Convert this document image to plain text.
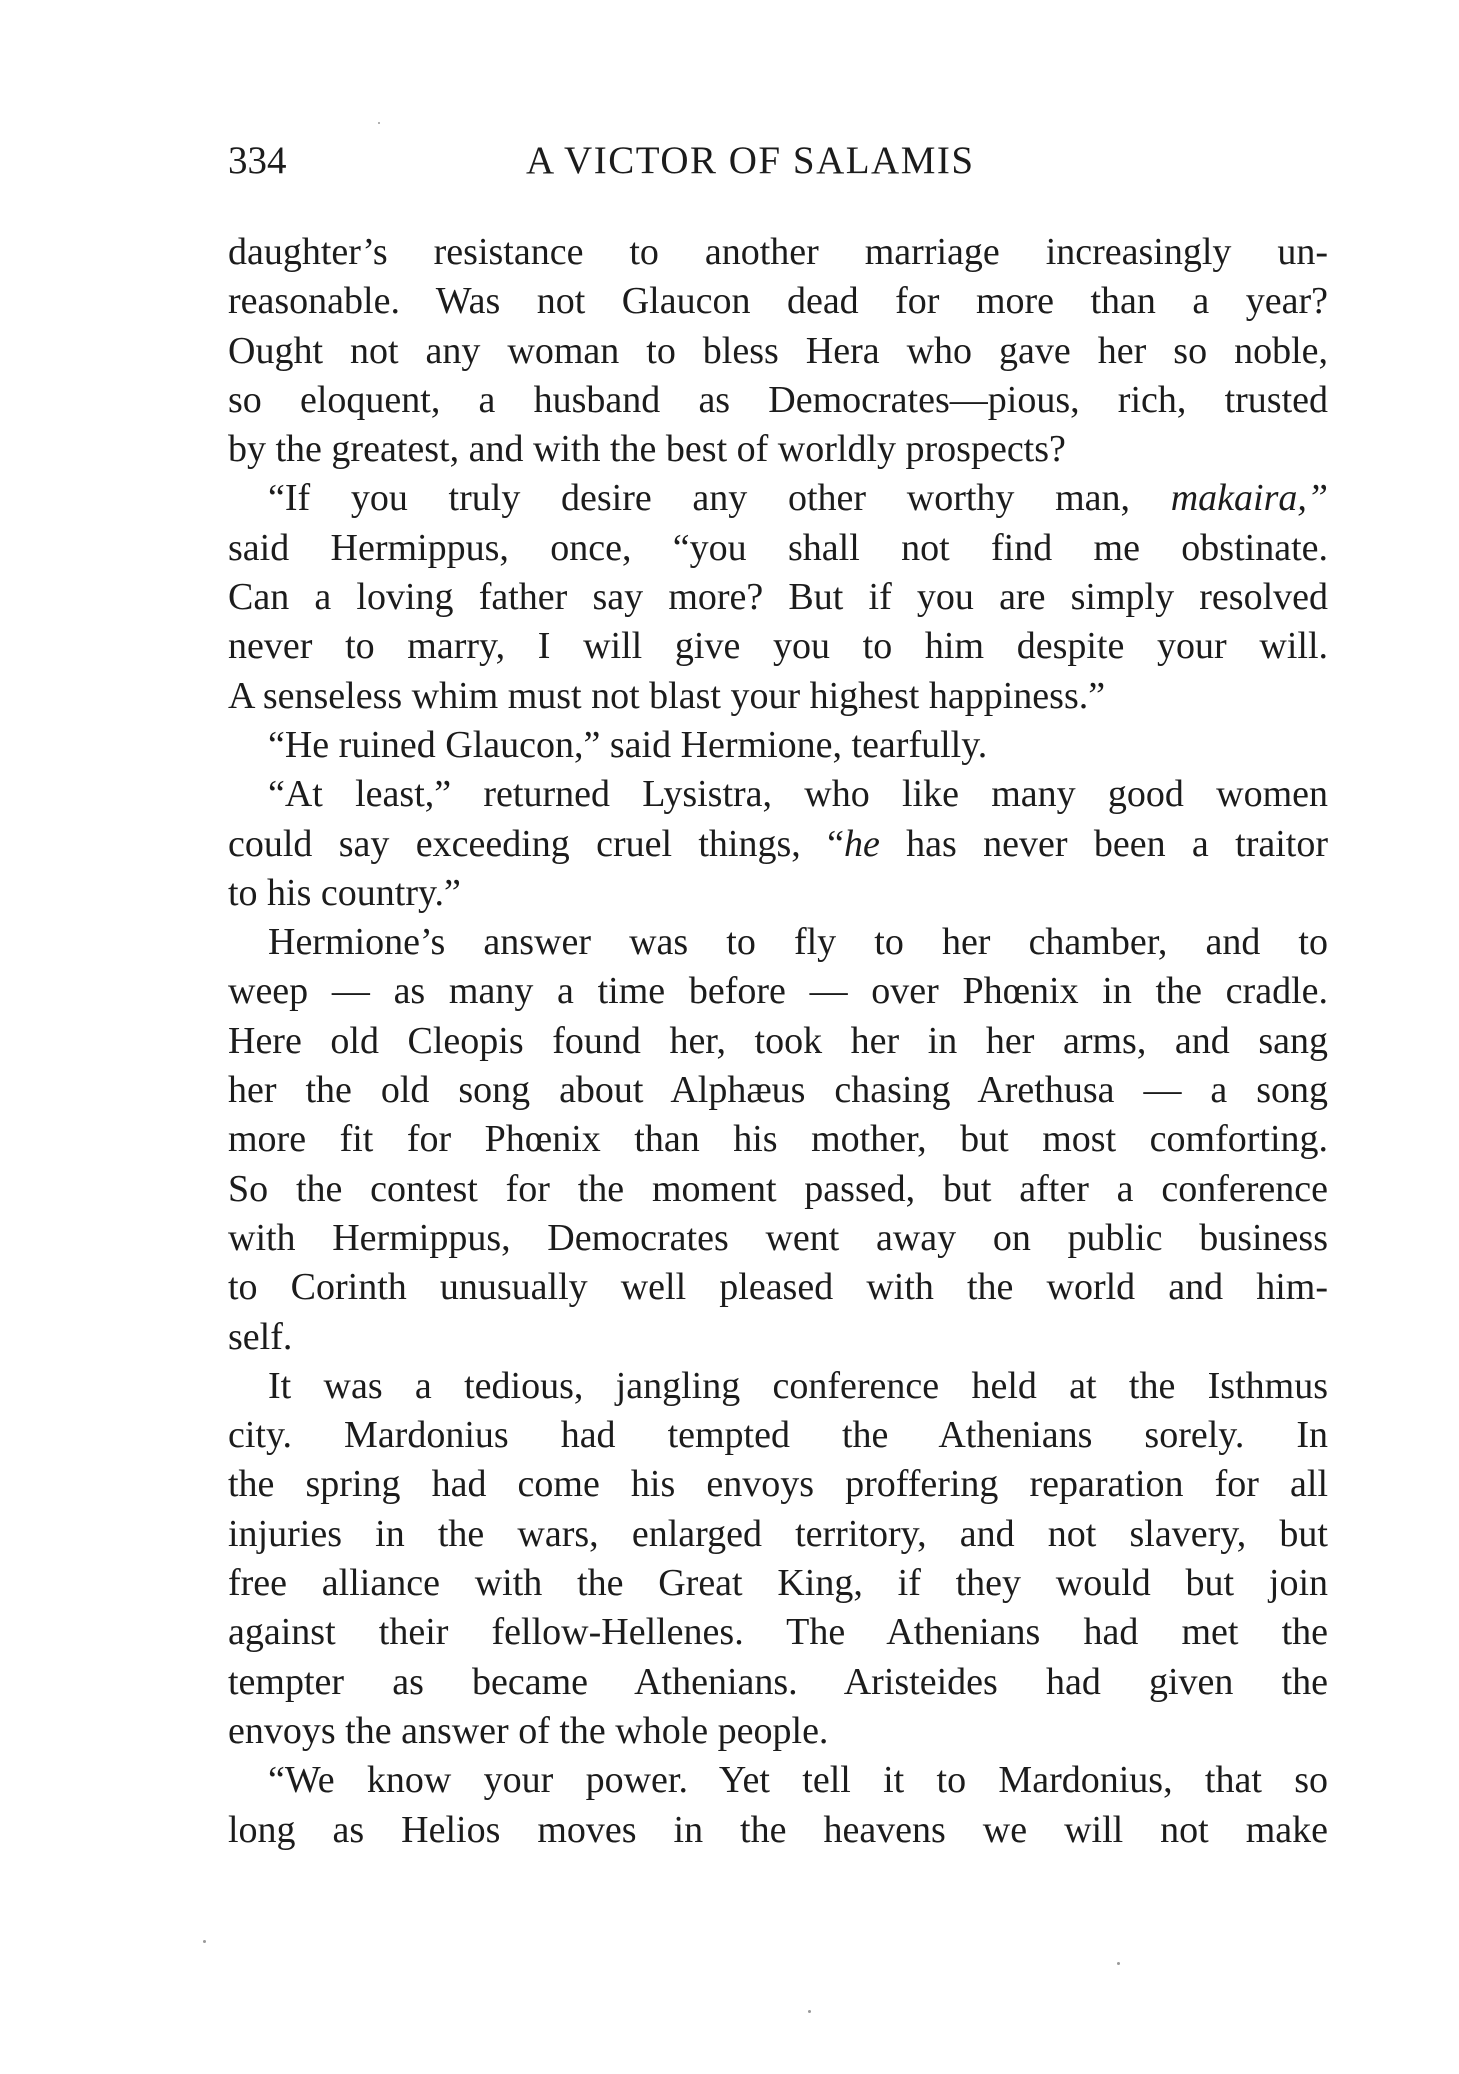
334	A VICTOR OF SALAMIS
daughter’s resistance to another marriage increasingly un-
reasonable. Was not Glaucon dead for more than a year?
Ought not any woman to bless Hera who gave her so noble,
so eloquent, a husband as Democrates—pious, rich, trusted
by the greatest, and with the best of worldly prospects?
“If you truly desire any other worthy man, makaira,”
said Hermippus, once, “you shall not find me obstinate.
Can a loving father say more? But if you are simply resolved
never to marry, I will give you to him despite your will.
A senseless whim must not blast your highest happiness.”
“He ruined Glaucon,” said Hermione, tearfully.
“At least,” returned Lysistra, who like many good women
could say exceeding cruel things, “he has never been a traitor
to his country.”
Hermione’s answer was to fly to her chamber, and to
weep — as many a time before — over Phœnix in the cradle.
Here old Cleopis found her, took her in her arms, and sang
her the old song about Alphæus chasing Arethusa — a song
more fit for Phœnix than his mother, but most comforting.
So the contest for the moment passed, but after a conference
with Hermippus, Democrates went away on public business
to Corinth unusually well pleased with the world and him-
self.
It was a tedious, jangling conference held at the Isthmus
city. Mardonius had tempted the Athenians sorely. In
the spring had come his envoys proffering reparation for all
injuries in the wars, enlarged territory, and not slavery, but
free alliance with the Great King, if they would but join
against their fellow-Hellenes. The Athenians had met the
tempter as became Athenians. Aristeides had given the
envoys the answer of the whole people.
“We know your power. Yet tell it to Mardonius, that so
long as Helios moves in the heavens we will not make
